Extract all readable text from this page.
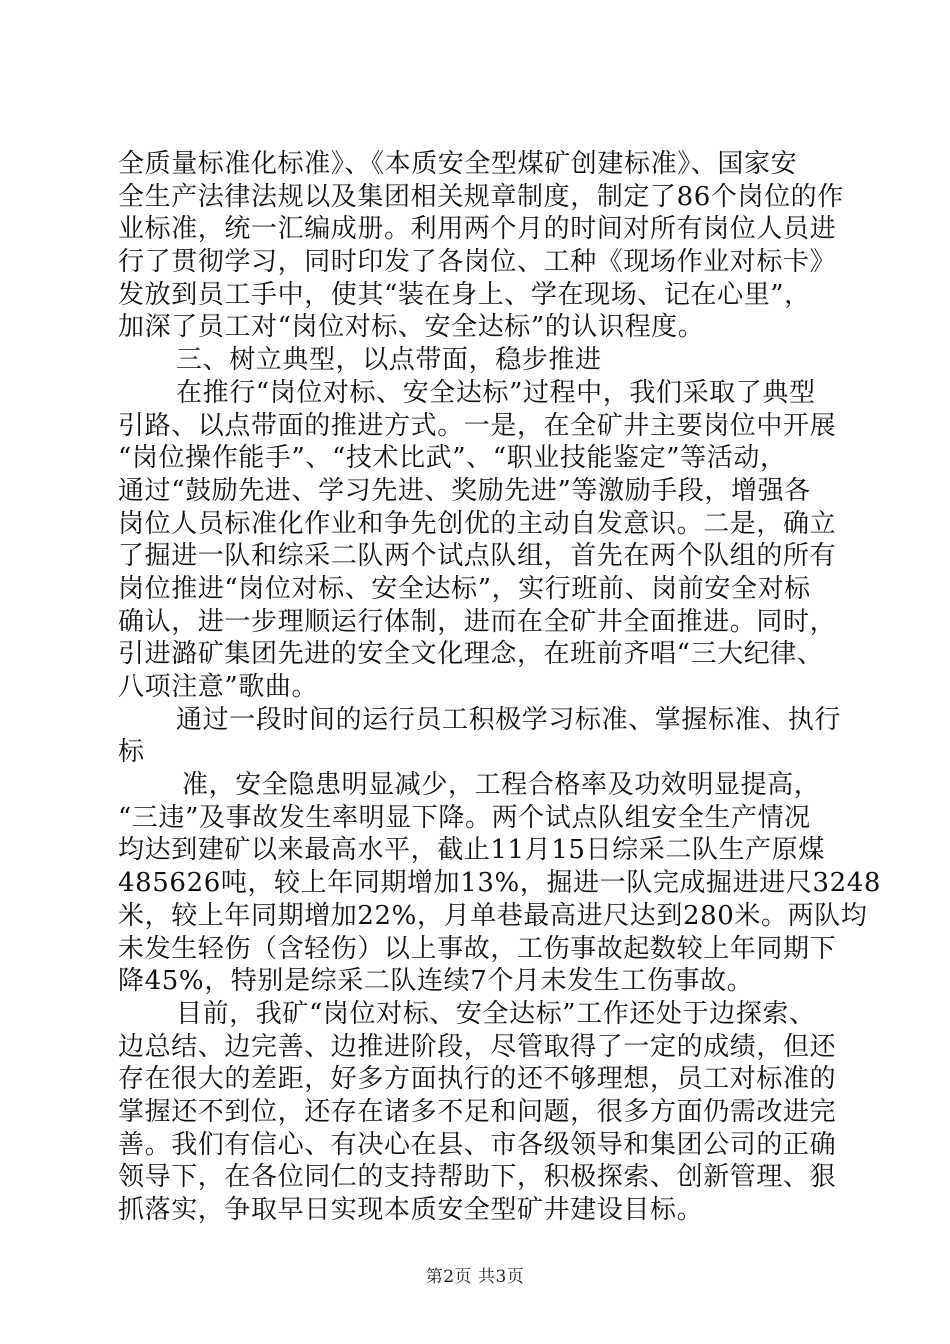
全质量标准化标准》、《本质安全型煤矿创建标准》、国家安
全生产法律法规以及集团相关规章制度，制定了86个岗位的作
业标准，统一汇编成册。利用两个月的时间对所有岗位人员进
行了贯彻学习，同时印发了各岗位、工种《现场作业对标卡》
发放到员工手中，使其“装在身上、学在现场、记在心里”，
加深了员工对“岗位对标、安全达标”的认识程度。
三、树立典型，以点带面，稳步推进
在推行“岗位对标、安全达标”过程中，我们采取了典型
引路、以点带面的推进方式。一是，在全矿井主要岗位中开展
“岗位操作能手”、“技术比武”、“职业技能鉴定”等活动，
通过“鼓励先进、学习先进、奖励先进”等激励手段，增强各
岗位人员标准化作业和争先创优的主动自发意识。二是，确立
了掘进一队和综采二队两个试点队组，首先在两个队组的所有
岗位推进“岗位对标、安全达标”，实行班前、岗前安全对标
确认，进一步理顺运行体制，进而在全矿井全面推进。同时，
引进潞矿集团先进的安全文化理念，在班前齐唱“三大纪律、
八项注意”歌曲。
通过一段时间的运行员工积极学习标准、掌握标准、执行
标
准，安全隐患明显减少，工程合格率及功效明显提高，
“三违”及事故发生率明显下降。两个试点队组安全生产情况
均达到建矿以来最高水平，截止11月15日综采二队生产原煤
485626吨，较上年同期增加13%，掘进一队完成掘进进尺3248
米，较上年同期增加22%，月单巷最高进尺达到280米。两队均
未发生轻伤（含轻伤）以上事故，工伤事故起数较上年同期下
降45%，特别是综采二队连续7个月未发生工伤事故。
目前，我矿“岗位对标、安全达标”工作还处于边探索、
边总结、边完善、边推进阶段，尽管取得了一定的成绩，但还
存在很大的差距，好多方面执行的还不够理想，员工对标准的
掌握还不到位，还存在诸多不足和问题，很多方面仍需改进完
善。我们有信心、有决心在县、市各级领导和集团公司的正确
领导下，在各位同仁的支持帮助下，积极探索、创新管理、狠
抓落实，争取早日实现本质安全型矿井建设目标。
第2页 共3页
